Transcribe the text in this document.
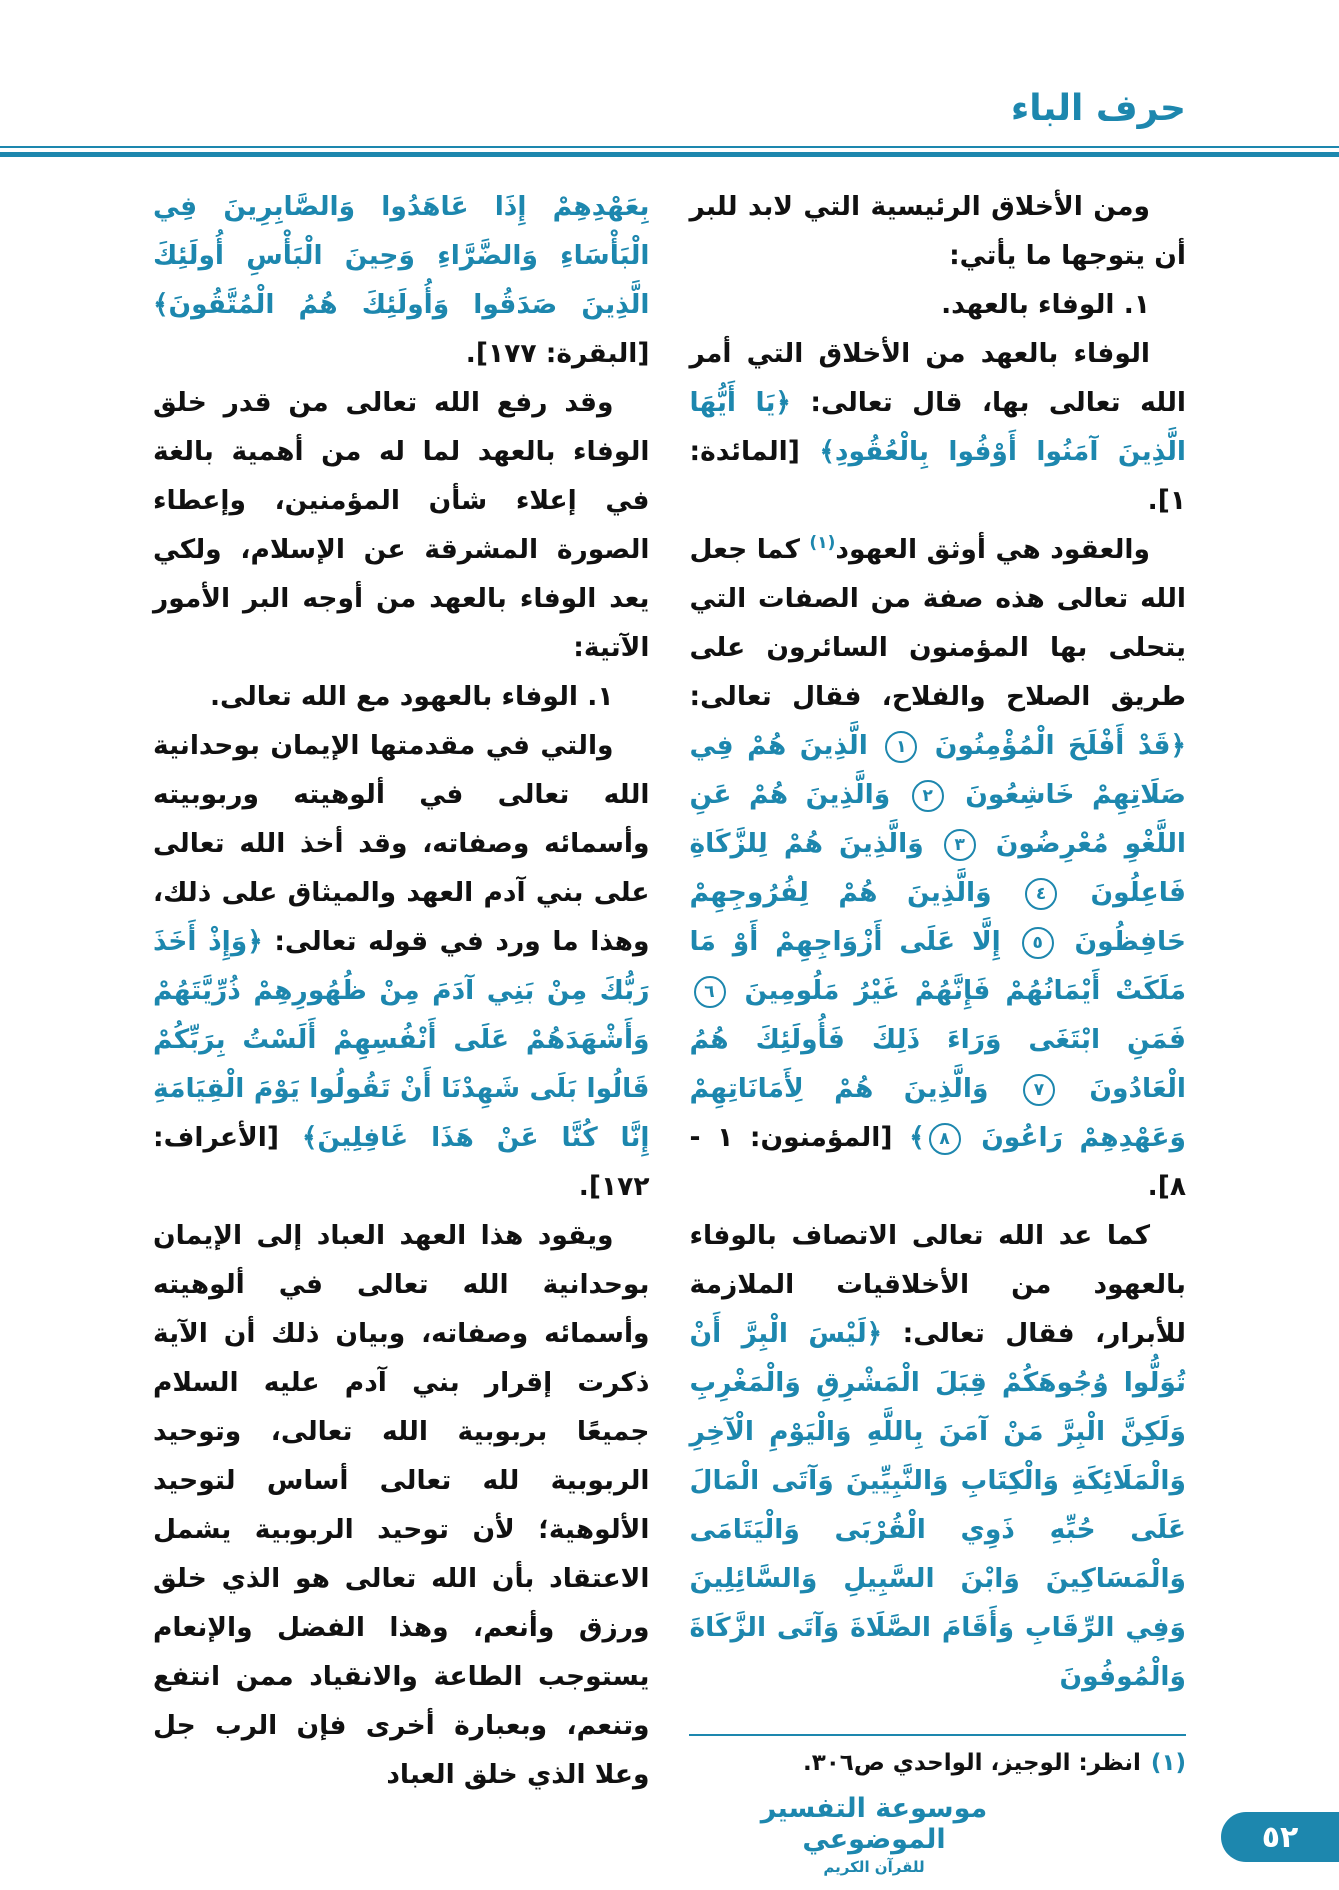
حرف الباء

ومن الأخلاق الرئيسية التي لابد للبر أن يتوجها ما يأتي:

١. الوفاء بالعهد.

الوفاء بالعهد من الأخلاق التي أمر الله تعالى بها، قال تعالى: ﴿يَا أَيُّهَا الَّذِينَ آمَنُوا أَوْفُوا بِالْعُقُودِ﴾ [المائدة: ١].

والعقود هي أوثق العهود$^{(١)}$ كما جعل الله تعالى هذه صفة من الصفات التي يتحلى بها المؤمنون السائرون على طريق الصلاح والفلاح، فقال تعالى: ﴿قَدْ أَفْلَحَ الْمُؤْمِنُونَ ١ الَّذِينَ هُمْ فِي صَلَاتِهِمْ خَاشِعُونَ ٢ وَالَّذِينَ هُمْ عَنِ اللَّغْوِ مُعْرِضُونَ ٣ وَالَّذِينَ هُمْ لِلزَّكَاةِ فَاعِلُونَ ٤ وَالَّذِينَ هُمْ لِفُرُوجِهِمْ حَافِظُونَ ٥ إِلَّا عَلَى أَزْوَاجِهِمْ أَوْ مَا مَلَكَتْ أَيْمَانُهُمْ فَإِنَّهُمْ غَيْرُ مَلُومِينَ ٦ فَمَنِ ابْتَغَى وَرَاءَ ذَلِكَ فَأُولَئِكَ هُمُ الْعَادُونَ ٧ وَالَّذِينَ هُمْ لِأَمَانَاتِهِمْ وَعَهْدِهِمْ رَاعُونَ ٨﴾ [المؤمنون: ١ - ٨].

كما عد الله تعالى الاتصاف بالوفاء بالعهود من الأخلاقيات الملازمة للأبرار، فقال تعالى: ﴿لَيْسَ الْبِرَّ أَنْ تُوَلُّوا وُجُوهَكُمْ قِبَلَ الْمَشْرِقِ وَالْمَغْرِبِ وَلَكِنَّ الْبِرَّ مَنْ آمَنَ بِاللَّهِ وَالْيَوْمِ الْآخِرِ وَالْمَلَائِكَةِ وَالْكِتَابِ وَالنَّبِيِّينَ وَآتَى الْمَالَ عَلَى حُبِّهِ ذَوِي الْقُرْبَى وَالْيَتَامَى وَالْمَسَاكِينَ وَابْنَ السَّبِيلِ وَالسَّائِلِينَ وَفِي الرِّقَابِ وَأَقَامَ الصَّلَاةَ وَآتَى الزَّكَاةَ وَالْمُوفُونَ

بِعَهْدِهِمْ إِذَا عَاهَدُوا وَالصَّابِرِينَ فِي الْبَأْسَاءِ وَالضَّرَّاءِ وَحِينَ الْبَأْسِ أُولَئِكَ الَّذِينَ صَدَقُوا وَأُولَئِكَ هُمُ الْمُتَّقُونَ﴾ [البقرة: ١٧٧].

وقد رفع الله تعالى من قدر خلق الوفاء بالعهد لما له من أهمية بالغة في إعلاء شأن المؤمنين، وإعطاء الصورة المشرقة عن الإسلام، ولكي يعد الوفاء بالعهد من أوجه البر الأمور الآتية:

١. الوفاء بالعهود مع الله تعالى.

والتي في مقدمتها الإيمان بوحدانية الله تعالى في ألوهيته وربوبيته وأسمائه وصفاته، وقد أخذ الله تعالى على بني آدم العهد والميثاق على ذلك، وهذا ما ورد في قوله تعالى: ﴿وَإِذْ أَخَذَ رَبُّكَ مِنْ بَنِي آدَمَ مِنْ ظُهُورِهِمْ ذُرِّيَّتَهُمْ وَأَشْهَدَهُمْ عَلَى أَنْفُسِهِمْ أَلَسْتُ بِرَبِّكُمْ قَالُوا بَلَى شَهِدْنَا أَنْ تَقُولُوا يَوْمَ الْقِيَامَةِ إِنَّا كُنَّا عَنْ هَذَا غَافِلِينَ﴾ [الأعراف: ١٧٢].

ويقود هذا العهد العباد إلى الإيمان بوحدانية الله تعالى في ألوهيته وأسمائه وصفاته، وبيان ذلك أن الآية ذكرت إقرار بني آدم عليه السلام جميعًا بربوبية الله تعالى، وتوحيد الربوبية لله تعالى أساس لتوحيد الألوهية؛ لأن توحيد الربوبية يشمل الاعتقاد بأن الله تعالى هو الذي خلق ورزق وأنعم، وهذا الفضل والإنعام يستوجب الطاعة والانقياد ممن انتفع وتنعم، وبعبارة أخرى فإن الرب جل وعلا الذي خلق العباد	(١)انظر: الوجيز، الواحدي ص٣٠٦.

موسوعة التفسير الموضوعي
للقرآن الكريم
٥٢
